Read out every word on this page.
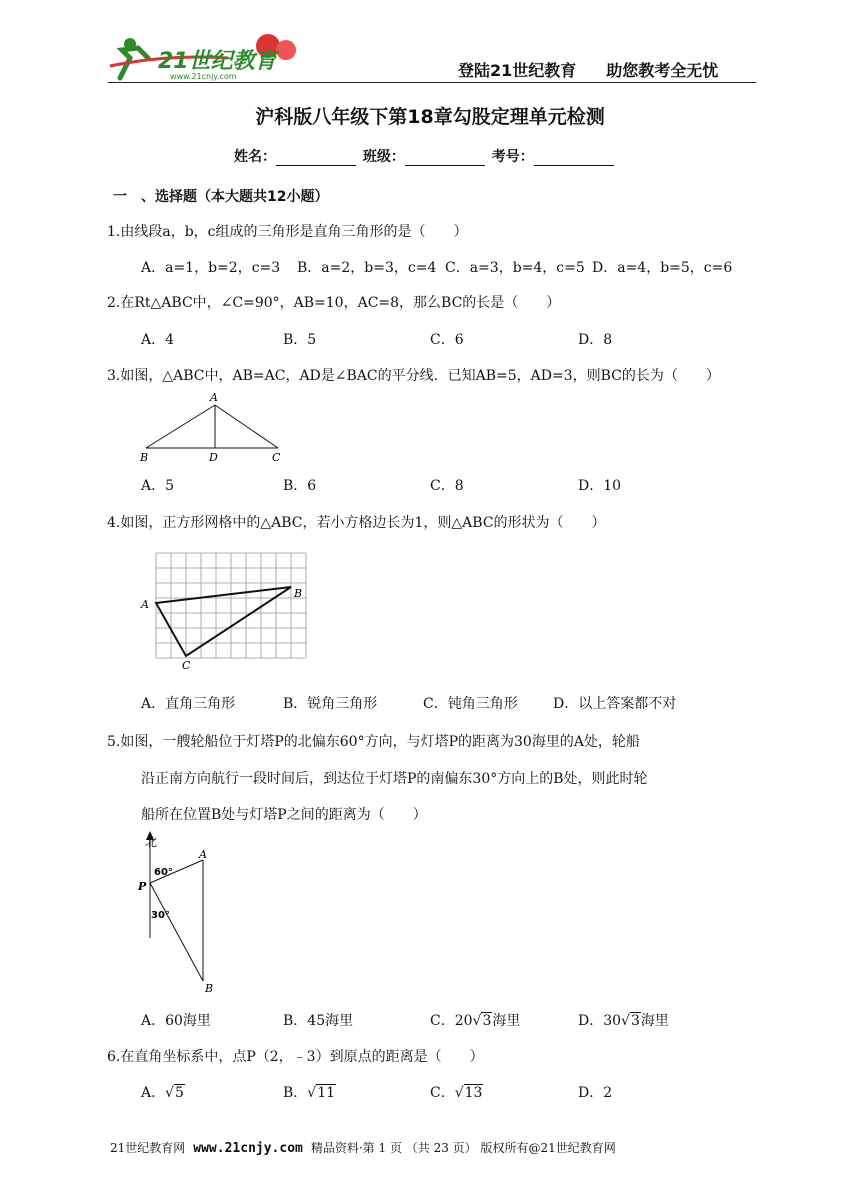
21世纪教育
www.21cnjy.com	登陆21世纪教育 助您教考全无忧
沪科版八年级下第18章勾股定理单元检测
姓名：	班级：	考号：
一　、选择题（本大题共12小题）
1.由线段a，b，c组成的三角形是直角三角形的是（　　）
A．a=1，b=2，c=3 B．a=2，b=3，c=4 C．a=3，b=4，c=5 D．a=4，b=5，c=6
2.在Rt△ABC中，∠C=90°，AB=10，AC=8，那么BC的长是（　　）
A．4	B．5	C．6	D．8
3.如图，△ABC中，AB=AC，AD是∠BAC的平分线．已知AB=5，AD=3，则BC的长为（　　）
A
B	D	C
A．5	B．6	C．8	D．10
4.如图，正方形网格中的△ABC，若小方格边长为1，则△ABC的形状为（　　）
A
B
C
A．直角三角形	B．锐角三角形	C．钝角三角形	D．以上答案都不对
5.如图，一艘轮船位于灯塔P的北偏东60°方向，与灯塔P的距离为30海里的A处，轮船
沿正南方向航行一段时间后，到达位于灯塔P的南偏东30°方向上的B处，则此时轮
船所在位置B处与灯塔P之间的距离为（　　）
北
A
P
B
60°
30°
A．60海里	B．45海里	C．20√3海里	D．30√3海里
6.在直角坐标系中，点P（2，﹣3）到原点的距离是（　　）
A．√5	B．√11	C．√13	D．2
21世纪教育网 www.21cnjy.com 精品资料·第 1 页 （共 23 页） 版权所有@21世纪教育网
